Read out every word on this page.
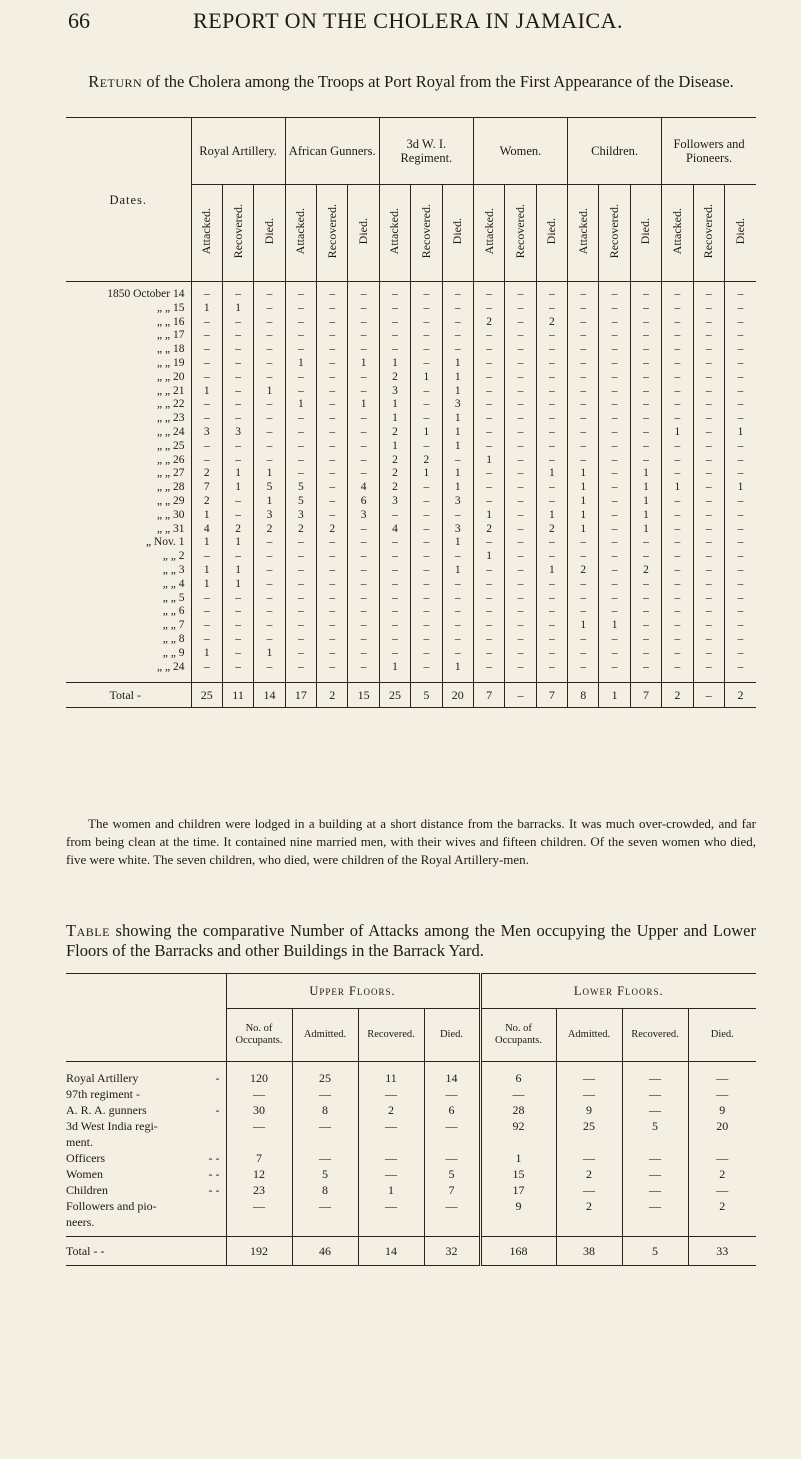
66	REPORT ON THE CHOLERA IN JAMAICA.
Return of the Cholera among the Troops at Port Royal from the First Appearance of the Disease.
Dates.	Royal Artillery.			African Gunners.			3d W. I. Regiment.			Women.			Children.			Followers and Pioneers.		
	Attacked.	Recovered.	Died.	Attacked.	Recovered.	Died.	Attacked.	Recovered.	Died.	Attacked.	Recovered.	Died.	Attacked.	Recovered.	Died.	Attacked.	Recovered.	Died.
1850 October 14	–	–	–	–	–	–	–	–	–	–	–	–	–	–	–	–	–	–
„ „ 15	1	1	–	–	–	–	–	–	–	–	–	–	–	–	–	–	–	–
„ „ 16	–	–	–	–	–	–	–	–	–	2	–	2	–	–	–	–	–	–
„ „ 17	–	–	–	–	–	–	–	–	–	–	–	–	–	–	–	–	–	–
„ „ 18	–	–	–	–	–	–	–	–	–	–	–	–	–	–	–	–	–	–
„ „ 19	–	–	–	1	–	1	1	–	1	–	–	–	–	–	–	–	–	–
„ „ 20	–	–	–	–	–	–	2	1	1	–	–	–	–	–	–	–	–	–
„ „ 21	1	–	1	–	–	–	3	–	1	–	–	–	–	–	–	–	–	–
„ „ 22	–	–	–	1	–	1	1	–	3	–	–	–	–	–	–	–	–	–
„ „ 23	–	–	–	–	–	–	1	–	1	–	–	–	–	–	–	–	–	–
„ „ 24	3	3	–	–	–	–	2	1	1	–	–	–	–	–	–	1	–	1
„ „ 25	–	–	–	–	–	–	1	–	1	–	–	–	–	–	–	–	–	–
„ „ 26	–	–	–	–	–	–	2	2	–	1	–	–	–	–	–	–	–	–
„ „ 27	2	1	1	–	–	–	2	1	1	–	–	1	1	–	1	–	–	–
„ „ 28	7	1	5	5	–	4	2	–	1	–	–	–	1	–	1	1	–	1
„ „ 29	2	–	1	5	–	6	3	–	3	–	–	–	1	–	1	–	–	–
„ „ 30	1	–	3	3	–	3	–	–	–	1	–	1	1	–	1	–	–	–
„ „ 31	4	2	2	2	2	–	4	–	3	2	–	2	1	–	1	–	–	–
„ Nov. 1	1	1	–	–	–	–	–	–	1	–	–	–	–	–	–	–	–	–
„ „ 2	–	–	–	–	–	–	–	–	–	1	–	–	–	–	–	–	–	–
„ „ 3	1	1	–	–	–	–	–	–	1	–	–	1	2	–	2	–	–	–
„ „ 4	1	1	–	–	–	–	–	–	–	–	–	–	–	–	–	–	–	–
„ „ 5	–	–	–	–	–	–	–	–	–	–	–	–	–	–	–	–	–	–
„ „ 6	–	–	–	–	–	–	–	–	–	–	–	–	–	–	–	–	–	–
„ „ 7	–	–	–	–	–	–	–	–	–	–	–	–	1	1	–	–	–	–
„ „ 8	–	–	–	–	–	–	–	–	–	–	–	–	–	–	–	–	–	–
„ „ 9	1	–	1	–	–	–	–	–	–	–	–	–	–	–	–	–	–	–
„ „ 24	–	–	–	–	–	–	1	–	1	–	–	–	–	–	–	–	–	–
Total -	25	11	14	17	2	15	25	5	20	7	–	7	8	1	7	2	–	2

The women and children were lodged in a building at a short distance from the barracks. It was much over-crowded, and far from being clean at the time. It contained nine married men, with their wives and fifteen children. Of the seven women who died, five were white. The seven children, who died, were children of the Royal Artillery-men.

Table showing the comparative Number of Attacks among the Men occupying the Upper and Lower Floors of the Barracks and other Buildings in the Barrack Yard.
	Upper Floors.				Lower Floors.			
	No. of Occupants.	Admitted.	Recovered.	Died.	No. of Occupants.	Admitted.	Recovered.	Died.
Royal Artillery -	120	25	11	14	6	—	—	—
97th regiment -	—	—	—	—	—	—	—	—
A. R. A. gunners -	30	8	2	6	28	9	—	9
3d West India regi-	—	—	—	—	92	25	5	20
ment.

Officers - -	7	—	—	—	1	—	—	—
Women - -	12	5	—	5	15	2	—	2
Children - -	23	8	1	7	17	—	—	—
Followers and pio-	—	—	—	—	9	2	—	2
neers.

Total - -	192	46	14	32	168	38	5	33
